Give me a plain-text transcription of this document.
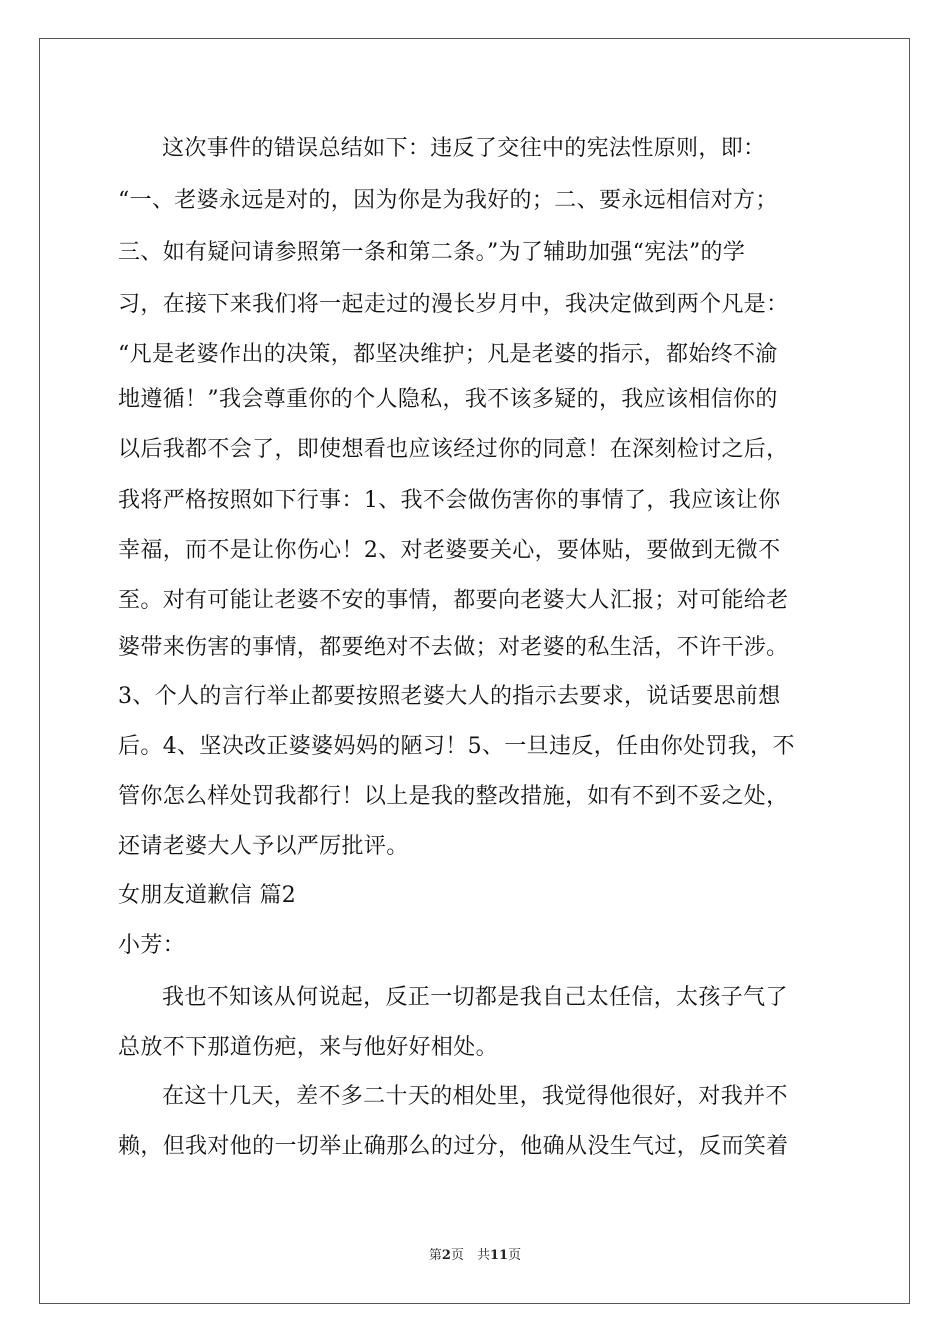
这次事件的错误总结如下：违反了交往中的宪法性原则，即：
“一、老婆永远是对的，因为你是为我好的；二、要永远相信对方；
三、如有疑问请参照第一条和第二条。”为了辅助加强“宪法”的学
习，在接下来我们将一起走过的漫长岁月中，我决定做到两个凡是：
“凡是老婆作出的决策，都坚决维护；凡是老婆的指示，都始终不渝
地遵循！”我会尊重你的个人隐私，我不该多疑的，我应该相信你的
以后我都不会了，即使想看也应该经过你的同意！在深刻检讨之后，
我将严格按照如下行事：1、我不会做伤害你的事情了，我应该让你
幸福，而不是让你伤心！2、对老婆要关心，要体贴，要做到无微不
至。对有可能让老婆不安的事情，都要向老婆大人汇报；对可能给老
婆带来伤害的事情，都要绝对不去做；对老婆的私生活，不许干涉。
3、个人的言行举止都要按照老婆大人的指示去要求，说话要思前想
后。4、坚决改正婆婆妈妈的陋习！5、一旦违反，任由你处罚我，不
管你怎么样处罚我都行！以上是我的整改措施，如有不到不妥之处，
还请老婆大人予以严厉批评。
女朋友道歉信 篇2
小芳：
我也不知该从何说起，反正一切都是我自己太任信，太孩子气了
总放不下那道伤疤，来与他好好相处。
在这十几天，差不多二十天的相处里，我觉得他很好，对我并不
赖，但我对他的一切举止确那么的过分，他确从没生气过，反而笑着
第2页　共11页
